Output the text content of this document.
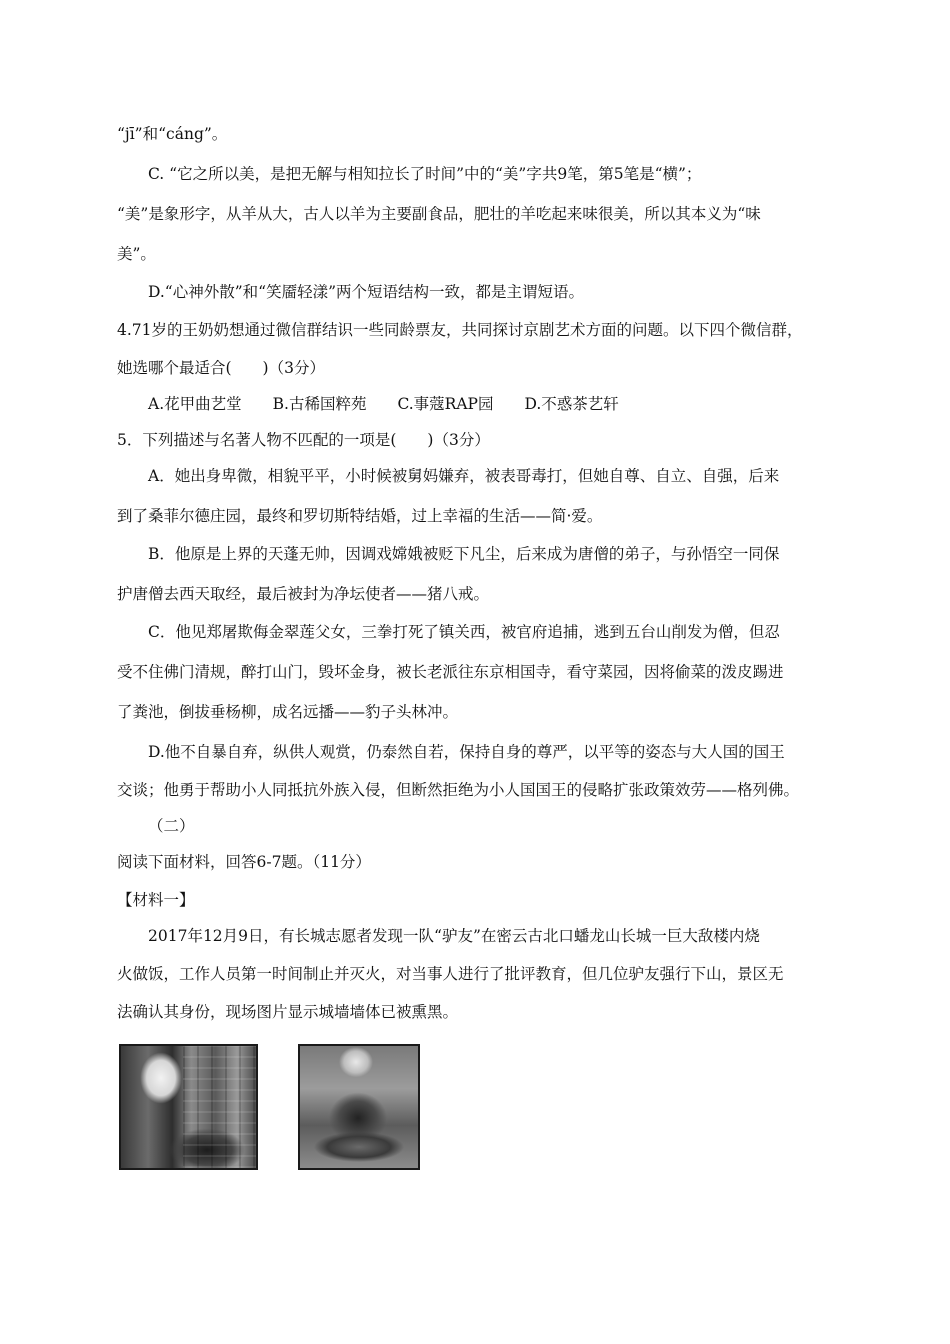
“jī”和“cáng”。
C. “它之所以美，是把无解与相知拉长了时间”中的“美”字共9笔，第5笔是“横”；
“美”是象形字，从羊从大，古人以羊为主要副食品，肥壮的羊吃起来味很美，所以其本义为“味
美”。
D.“心神外散”和“笑靥轻漾”两个短语结构一致，都是主谓短语。
4.71岁的王奶奶想通过微信群结识一些同龄票友，共同探讨京剧艺术方面的问题。以下四个微信群，
她选哪个最适合(　　)（3分）
A.花甲曲艺堂　　B.古稀国粹苑　　C.事蔻RAP园　　D.不惑茶艺轩
5．下列描述与名著人物不匹配的一项是(　　)（3分）
A．她出身卑微，相貌平平，小时候被舅妈嫌弃，被表哥毒打，但她自尊、自立、自强，后来
到了桑菲尔德庄园，最终和罗切斯特结婚，过上幸福的生活——简·爱。
B．他原是上界的天蓬无帅，因调戏嫦娥被贬下凡尘，后来成为唐僧的弟子，与孙悟空一同保
护唐僧去西天取经，最后被封为净坛使者——猪八戒。
C．他见郑屠欺侮金翠莲父女，三拳打死了镇关西，被官府追捕，逃到五台山削发为僧，但忍
受不住佛门清规，醉打山门，毁坏金身，被长老派往东京相国寺，看守菜园，因将偷菜的泼皮踢进
了粪池，倒拔垂杨柳，成名远播——豹子头林冲。
D.他不自暴自弃，纵供人观赏，仍泰然自若，保持自身的尊严，以平等的姿态与大人国的国王
交谈；他勇于帮助小人同抵抗外族入侵，但断然拒绝为小人国国王的侵略扩张政策效劳——格列佛。
（二）
阅读下面材料，回答6-7题。（11分）
【材料一】
2017年12月9日，有长城志愿者发现一队“驴友”在密云古北口蟠龙山长城一巨大敌楼内烧
火做饭，工作人员第一时间制止并灭火，对当事人进行了批评教育，但几位驴友强行下山，景区无
法确认其身份，现场图片显示城墙墙体已被熏黑。
